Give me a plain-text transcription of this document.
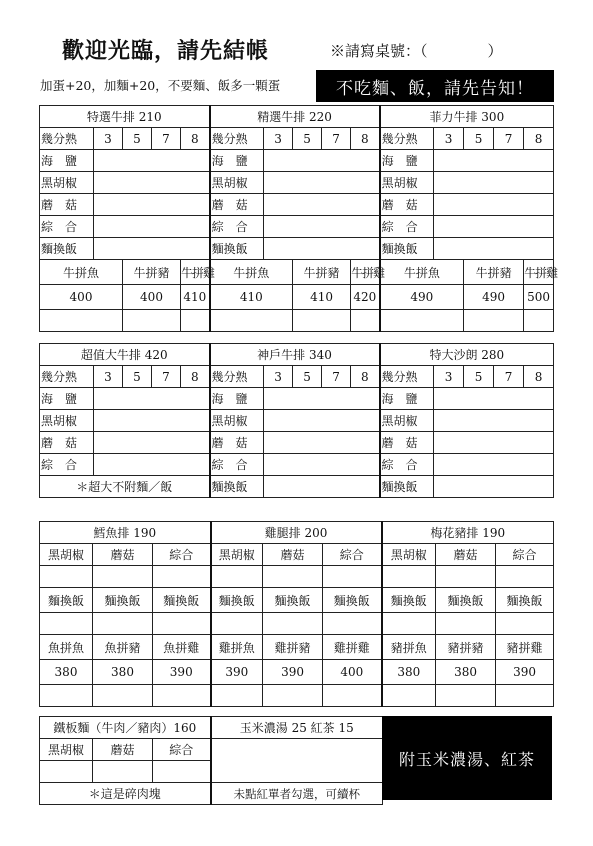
歡迎光臨，請先結帳	※請寫桌號：（　　　　）
加蛋+20，加麵+20，不要麵、飯多一顆蛋	不吃麵、飯，請先告知！
特選牛排 210					精選牛排 220					菲力牛排 300				
幾分熟	3	5	7	8	幾分熟	3	5	7	8	幾分熟	3	5	7	8
海　鹽					海　鹽					海　鹽				
黑胡椒					黑胡椒					黑胡椒				
蘑　菇					蘑　菇					蘑　菇				
綜　合					綜　合					綜　合				
麵換飯					麵換飯					麵換飯				
牛拼魚		牛拼豬		牛拼雞	牛拼魚		牛拼豬		牛拼雞	牛拼魚		牛拼豬		牛拼雞
400		400		410	410		410		420	490		490		500

超值大牛排 420					神戶牛排 340					特大沙朗 280				
幾分熟	3	5	7	8	幾分熟	3	5	7	8	幾分熟	3	5	7	8
海　鹽					海　鹽					海　鹽				
黑胡椒					黑胡椒					黑胡椒				
蘑　菇					蘑　菇					蘑　菇				
綜　合					綜　合					綜　合				
＊超大不附麵／飯					麵換飯					麵換飯				
鱈魚排 190			雞腿排 200			梅花豬排 190		
黑胡椒	蘑菇	綜合	黑胡椒	蘑菇	綜合	黑胡椒	蘑菇	綜合

麵換飯	麵換飯	麵換飯	麵換飯	麵換飯	麵換飯	麵換飯	麵換飯	麵換飯

魚拼魚	魚拼豬	魚拼雞	雞拼魚	雞拼豬	雞拼雞	豬拼魚	豬拼豬	豬拼雞
380	380	390	390	390	400	380	380	390

鐵板麵（牛肉／豬肉）160			玉米濃湯 25 紅茶 15
黑胡椒	蘑菇	綜合	

＊這是碎肉塊			未點紅單者勾選，可續杯
附玉米濃湯、紅茶
